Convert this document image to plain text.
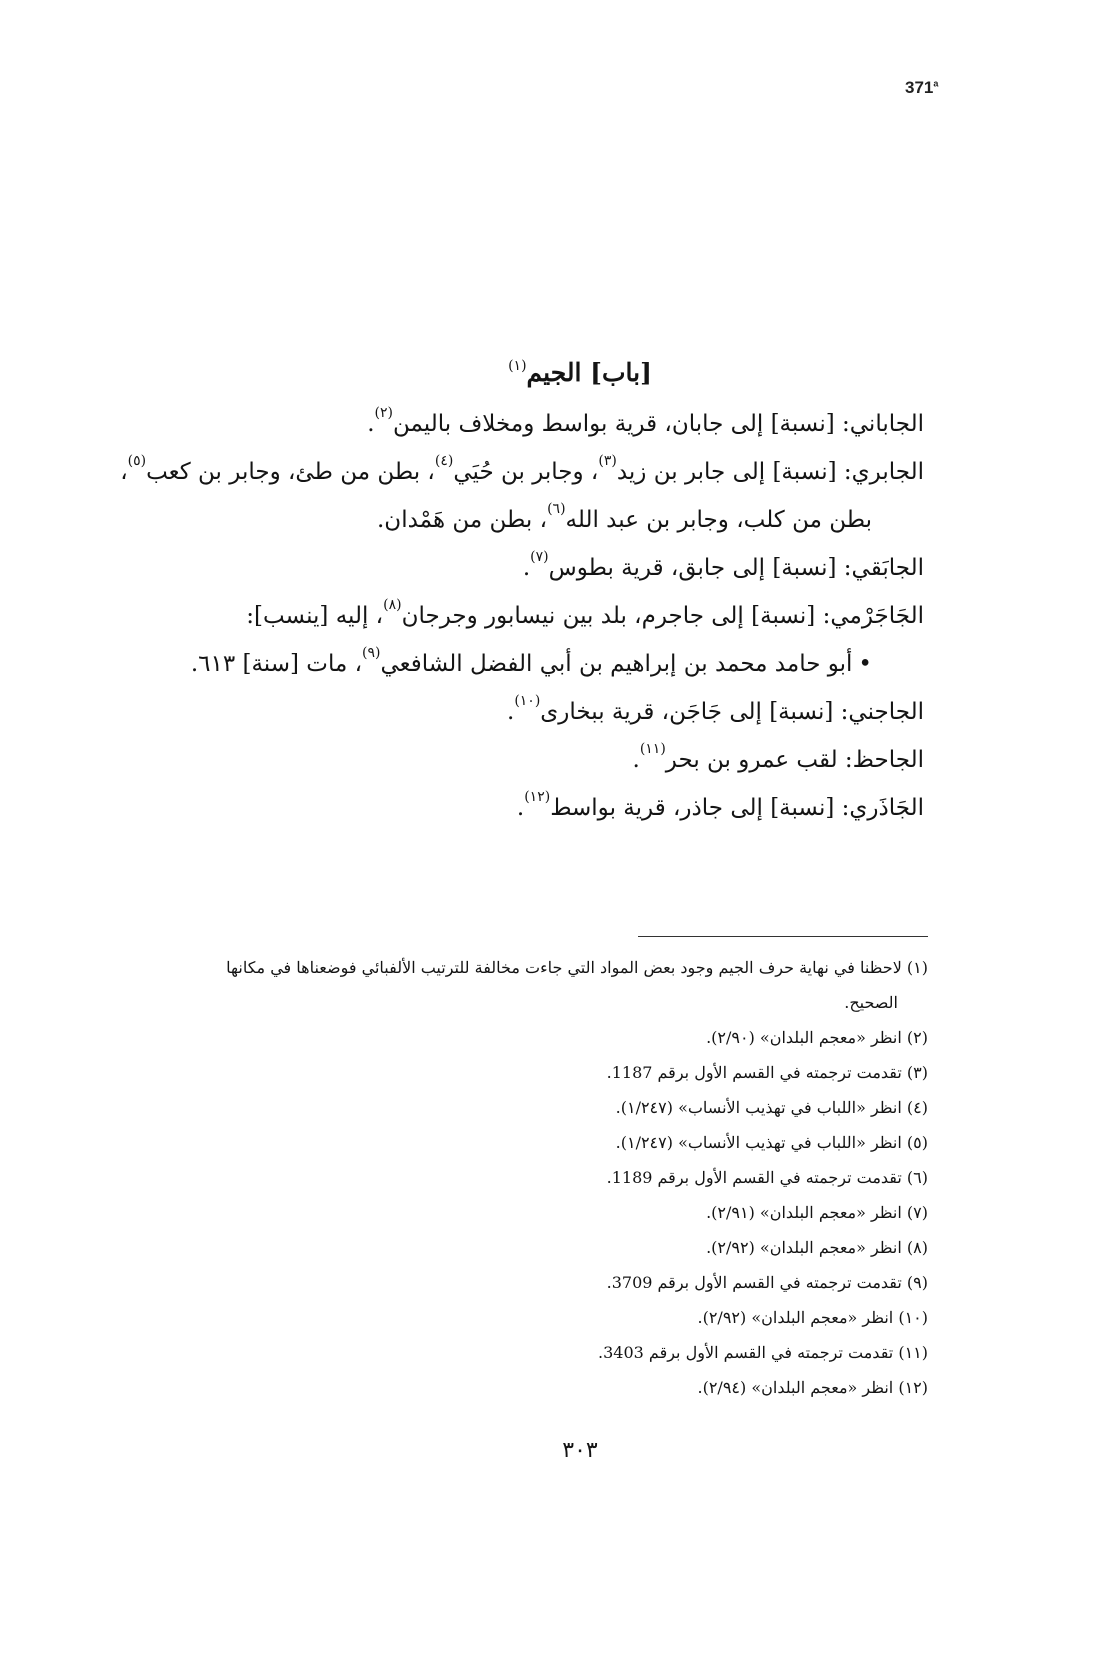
371$^a$
[باب] الجيم$^{(١)}$
الجاباني: [نسبة] إلى جابان، قرية بواسط ومخلاف باليمن
(٢)
.
الجابري: [نسبة] إلى جابر بن زيد
(٣)
، وجابر بن حُيَي
(٤)
، بطن من طئ، وجابر بن كعب
(٥)
،
بطن من كلب، وجابر بن عبد الله
(٦)
، بطن من هَمْدان.
الجابَقي: [نسبة] إلى جابق، قرية بطوس
(٧)
.
الجَاجَرْمي: [نسبة] إلى جاجرم، بلد بين نيسابور وجرجان
(٨)
، إليه [ينسب]:
•
أبو حامد محمد بن إبراهيم بن أبي الفضل الشافعي
(٩)
، مات [سنة] ٦١٣.
الجاجني: [نسبة] إلى جَاجَن، قرية ببخارى
(١٠)
.
الجاحظ: لقب عمرو بن بحر
(١١)
.
الجَاذَري: [نسبة] إلى جاذر، قرية بواسط
(١٢)
.
(١) لاحظنا في نهاية حرف الجيم وجود بعض المواد التي جاءت مخالفة للترتيب الألفبائي فوضعناها في مكانها
الصحيح.
(٢) انظر «معجم البلدان» (٢/٩٠).
(٣) تقدمت ترجمته في القسم الأول برقم 1187.
(٤) انظر «اللباب في تهذيب الأنساب» (١/٢٤٧).
(٥) انظر «اللباب في تهذيب الأنساب» (١/٢٤٧).
(٦) تقدمت ترجمته في القسم الأول برقم 1189.
(٧) انظر «معجم البلدان» (٢/٩١).
(٨) انظر «معجم البلدان» (٢/٩٢).
(٩) تقدمت ترجمته في القسم الأول برقم 3709.
(١٠) انظر «معجم البلدان» (٢/٩٢).
(١١) تقدمت ترجمته في القسم الأول برقم 3403.
(١٢) انظر «معجم البلدان» (٢/٩٤).
٣٠٣
